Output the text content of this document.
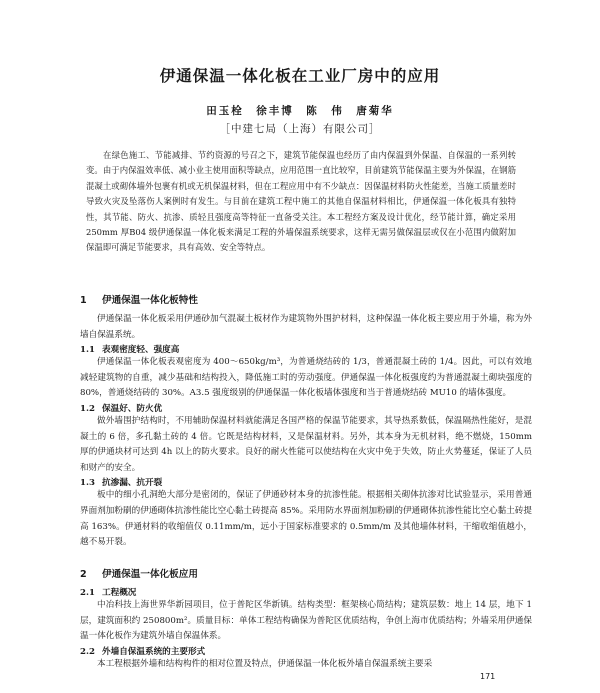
伊通保温一体化板在工业厂房中的应用
田玉栓　徐丰博　陈　伟　唐菊华
［中建七局（上海）有限公司］

在绿色施工、节能减排、节约资源的号召之下，建筑节能保温也经历了由内保温到外保温、自保温的一系列转变。由于内保温效率低、减小业主使用面积等缺点，应用范围一直比较窄，目前建筑节能保温主要为外保温，在钢筋混凝土或砌体墙外包裹有机或无机保温材料，但在工程应用中有不少缺点：因保温材料防火性能差，当施工质量差时导致火灾及坠落伤人案例时有发生。与目前在建筑工程中施工的其他自保温材料相比，伊通保温一体化板具有独特性，其节能、防火、抗渗、质轻且强度高等特征一直备受关注。本工程经方案及设计优化，经节能计算，确定采用 250mm 厚B04 级伊通保温一体化板来满足工程的外墙保温系统要求，这样无需另做保温层或仅在小范围内做附加保温即可满足节能要求，具有高效、安全等特点。

1 伊通保温一体化板特性

伊通保温一体化板采用伊通砂加气混凝土板材作为建筑物外围护材料，这种保温一体化板主要应用于外墙，称为外墙自保温系统。

1.1 表观密度轻、强度高

伊通保温一体化板表观密度为 400～650kg/m³，为普通烧结砖的 1/3，普通混凝土砖的 1/4。因此，可以有效地减轻建筑物的自重，减少基础和结构投入，降低施工时的劳动强度。伊通保温一体化板强度约为普通混凝土砌块强度的 80%，普通烧结砖的 30%。A3.5 强度级别的伊通保温一体化板墙体强度和当于普通烧结砖 MU10 的墙体强度。

1.2 保温好、防火优

做外墙围护结构时，不用辅助保温材料就能满足各国严格的保温节能要求，其导热系数低，保温隔热性能好，是混凝土的 6 倍，多孔黏土砖的 4 倍。它既是结构材料，又是保温材料。另外，其本身为无机材料，绝不燃烧，150mm 厚的伊通块材可达到 4h 以上的防火要求。良好的耐火性能可以使结构在火灾中免于失效，防止火势蔓延，保证了人员和财产的安全。

1.3 抗渗漏、抗开裂

板中的细小孔洞绝大部分是密闭的，保证了伊通砂材本身的抗渗性能。根据相关砌体抗渗对比试验显示，采用普通界面剂加粉刷的伊通砌体抗渗性能比空心黏土砖提高 85%。采用防水界面剂加粉刷的伊通砌体抗渗性能比空心黏土砖提高 163%。伊通材料的收缩值仅 0.11mm/m，远小于国家标准要求的 0.5mm/m 及其他墙体材料，干缩收缩值越小，越不易开裂。

2 伊通保温一体化板应用

2.1 工程概况

中冶科技上海世界华新园项目，位于普陀区华新镇。结构类型：框架核心筒结构；建筑层数：地上 14 层，地下 1 层，建筑面积约 250800m²。质量目标：单体工程结构确保为普陀区优质结构，争创上海市优质结构；外墙采用伊通保温一体化板作为建筑外墙自保温体系。

2.2 外墙自保温系统的主要形式

本工程根据外墙和结构构件的相对位置及特点，伊通保温一体化板外墙自保温系统主要采

171
